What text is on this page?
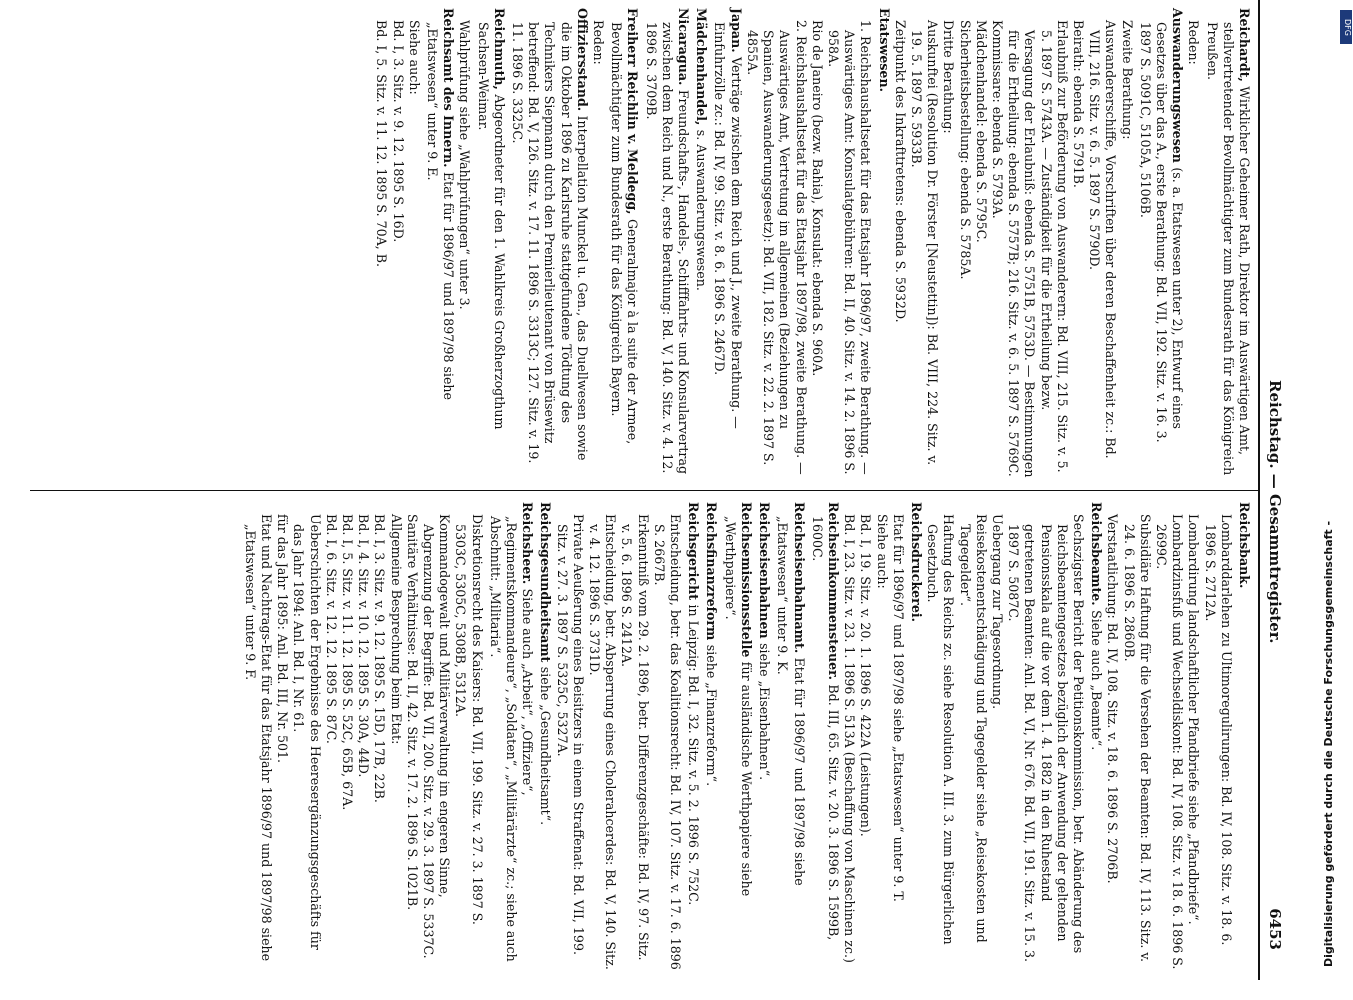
Reichstag. — Gesammtregister.
6453

Reichardt, Wirklicher Geheimer Rath, Direktor im Auswärtigen Amt, stellvertretender Bevollmächtigter zum Bundesrath für das Königreich Preußen.

Reden:

Auswanderungswesen (s. a. Etatswesen unter 2), Entwurf eines Gesetzes über das A., erste Berathung: Bd. VII, 192. Sitz. v. 16. 3. 1897 S. 5091C, 5105A, 5106B.

Zweite Berathung:

Auswandererschiffe, Vorschriften über deren Beschaffenheit zc.: Bd. VIII, 216. Sitz. v. 6. 5. 1897 S. 5790D.

Beirath: ebenda S. 5791B.

Erlaubniß zur Beförderung von Auswanderern: Bd. VIII, 215. Sitz. v. 5. 5. 1897 S. 5743A. — Zuständigkeit für die Ertheilung bezw. Versagung der Erlaubniß: ebenda S. 5751B, 5753D. — Bestimmungen für die Ertheilung: ebenda S. 5757B; 216. Sitz. v. 6. 5. 1897 S. 5769C.

Kommissare: ebenda S. 5793A.

Mädchenhandel: ebenda S. 5795C.

Sicherheitsbestellung: ebenda S. 5785A.

Dritte Berathung:

Auskunftei (Resolution Dr. Förster [Neustettin]): Bd. VIII, 224. Sitz. v. 19. 5. 1897 S. 5933B.

Zeitpunkt des Inkrafttretens: ebenda S. 5932D.

Etatswesen.

1. Reichshaushaltsetat für das Etatsjahr 1896/97, zweite Berathung. — Auswärtiges Amt: Konsulatgebühren: Bd. II, 40. Sitz. v. 14. 2. 1896 S. 958A.

Rio de Janeiro (bezw. Bahia), Konsulat: ebenda S. 960A.

2. Reichshaushaltsetat für das Etatsjahr 1897/98, zweite Berathung. — Auswärtiges Amt, Vertretung im allgemeinen (Beziehungen zu Spanien, Auswanderungsgesetz): Bd. VII, 182. Sitz. v. 22. 2. 1897 S. 4855A.

Japan. Verträge zwischen dem Reich und J., zweite Berathung. — Einfuhrzölle zc.: Bd. IV, 99. Sitz. v. 8. 6. 1896 S. 2467D.

Mädchenhandel, s. Auswanderungswesen.

Nicaragua. Freundschafts-, Handels-, Schifffahrts- und Konsularvertrag zwischen dem Reich und N., erste Berathung: Bd. V, 140. Sitz. v. 4. 12. 1896 S. 3709B.

Freiherr Reichlin v. Meldegg, Generalmajor à la suite der Armee, Bevollmächtigter zum Bundesrath für das Königreich Bayern.

Reden:

Offiziersstand. Interpellation Munckel u. Gen., das Duellwesen sowie die im Oktober 1896 zu Karlsruhe stattgefundene Tödtung des Technikers Siepmann durch den Premierlieutenant von Brüsewitz betreffend: Bd. V, 126. Sitz. v. 17. 11. 1896 S. 3313C; 127. Sitz. v. 19. 11. 1896 S. 3325C.

Reichmuth, Abgeordneter für den 1. Wahlkreis Großherzogthum Sachsen-Weimar.

Wahlprüfung siehe „Wahlprüfungen“ unter 3.

Reichsamt des Innern. Etat für 1896/97 und 1897/98 siehe „Etatswesen“ unter 9. E.

Siehe auch:

Bd. I, 3. Sitz. v. 9. 12. 1895 S. 16D.

Bd. I, 5. Sitz. v. 11. 12. 1895 S. 70A, B.

Reichsbank.

Lombarddarlehen zu Ultimoregulirungen: Bd. IV, 108. Sitz. v. 18. 6. 1896 S. 2712A.

Lombardirung landschaftlicher Pfandbriefe siehe „Pfandbriefe“.

Lombardzinsfuß und Wechseldiskont: Bd. IV, 108. Sitz. v. 18. 6. 1896 S. 2699C.

Subsidiäre Haftung für die Versehen der Beamten: Bd. IV, 113. Sitz. v. 24. 6. 1896 S. 2860B.

Verstaatlichung: Bd. IV, 108. Sitz. v. 18. 6. 1896 S. 2706B.

Reichsbeamte. Siehe auch „Beamte“.

Sechszigster Bericht der Petitionskommission, betr. Abänderung des Reichsbeamtengesetzes bezüglich der Anwendung der geltenden Pensionsskala auf die vor dem 1. 4. 1882 in den Ruhestand getretenen Beamten: Anl. Bd. VI, Nr. 676. Bd. VII, 191. Sitz. v. 15. 3. 1897 S. 5087C.

Uebergang zur Tagesordnung.

Reisekostenentschädigung und Tagegelder siehe „Reisekosten und Tagegelder“.

Haftung des Reichs zc. siehe Resolution A. III. 3. zum Bürgerlichen Gesetzbuch.

Reichsdruckerei.

Etat für 1896/97 und 1897/98 siehe „Etatswesen“ unter 9. T.

Siehe auch:

Bd. I, 19. Sitz. v. 20. 1. 1896 S. 422A (Leistungen).

Bd. I, 23. Sitz. v. 23. 1. 1896 S. 513A (Beschaffung von Maschinen zc.)

Reichseinkommensteuer. Bd. III, 65. Sitz. v. 20. 3. 1896 S. 1599B, 1600C.

Reichseisenbahnamt. Etat für 1896/97 und 1897/98 siehe „Etatswesen“ unter 9. K.

Reichseisenbahnen siehe „Eisenbahnen“.

Reichsemissionsstelle für ausländische Werthpapiere siehe „Werthpapiere“.

Reichsfinanzreform siehe „Finanzreform“.

Reichsgericht in Leipzig: Bd. I, 32. Sitz. v. 5. 2. 1896 S. 752C.

Entscheidung, betr. das Koalitionsrecht: Bd. IV, 107. Sitz. v. 17. 6. 1896 S. 2667B.

Erkenntniß vom 29. 2. 1896, betr. Differenzgeschäfte: Bd. IV, 97. Sitz. v. 5. 6. 1896 S. 2412A.

Entscheidung, betr. Absperrung eines Cholerahcerdes: Bd. V, 140. Sitz. v. 4. 12. 1896 S. 3731D.

Private Aeußerung eines Beisitzers in einem Straffenat: Bd. VII, 199. Sitz. v. 27. 3. 1897 S. 5325C, 5327A.

Reichsgesundheitsamt siehe „Gesundheitsamt“.

Reichsheer. Siehe auch „Arbeit“, „Offiziere“, „Regimentskommandeure“, „Soldaten“, „Militärärzte“ zc.; siehe auch Abschnitt: „Militaria“.

Diskretionsrecht des Kaisers: Bd. VII, 199. Sitz. v. 27. 3. 1897 S. 5303C, 5305C, 5308B, 5312A.

Kommandogewalt und Militärverwaltung im engeren Sinne, Abgrenzung der Begriffe: Bd. VII, 200. Sitz. v. 29. 3. 1897 S. 5337C.

Sanitäre Verhältnisse: Bd. II, 42. Sitz. v. 17. 2. 1896 S. 1021B.

Allgemeine Besprechung beim Etat:

Bd. I, 3. Sitz. v. 9. 12. 1895 S. 15D, 17B, 22B.

Bd. I, 4. Sitz. v. 10. 12. 1895 S. 30A, 44D.

Bd. I, 5. Sitz. v. 11. 12. 1895 S. 52C, 65B, 67A.

Bd. I, 6. Sitz. v. 12. 12. 1895 S. 87C.

Ueberschichten der Ergebnisse des Heeresergänzungsgeschäfts für das Jahr 1894: Anl. Bd. I, Nr. 61.

für das Jahr 1895: Anl. Bd. III, Nr. 501.

Etat und Nachtrags-Etat für das Etatsjahr 1896/97 und 1897/98 siehe „Etatswesen“ unter 9. F.	Digitalisierung gefördert durch die Deutsche Forschungsgemeinschaft -
DFG
